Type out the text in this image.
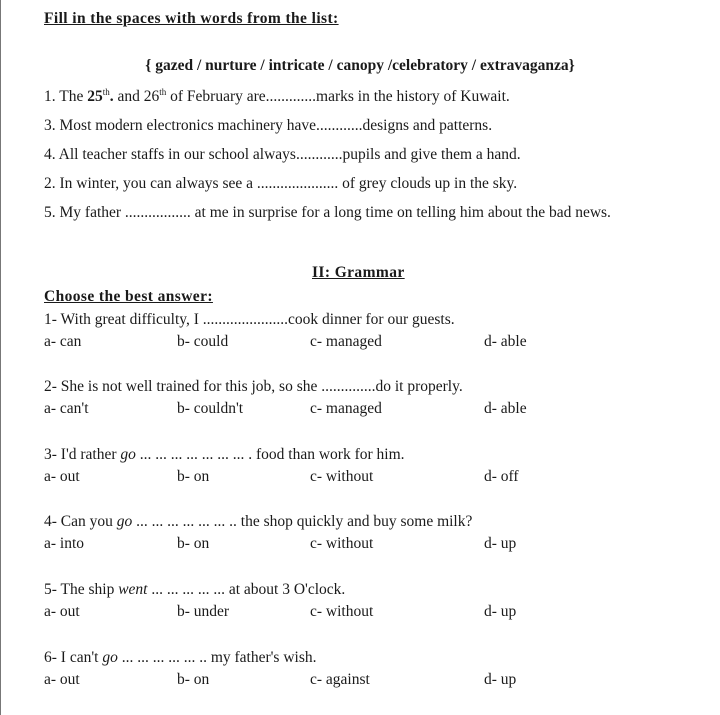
Fill in the spaces with words from the list:
{ gazed / nurture / intricate / canopy /celebratory / extravaganza}
1. The 25th. and 26th of February are.............marks in the history of Kuwait.
3. Most modern electronics machinery have............designs and patterns.
4. All teacher staffs in our school always............pupils and give them a hand.
2. In winter, you can always see a ..................... of grey clouds up in the sky.
5. My father ................. at me in surprise for a long time on telling him about the bad news.
II: Grammar
Choose the best answer:
1- With great difficulty, I ......................cook dinner for our guests.
a- can	b- could	c- managed	d- able
2- She is not well trained for this job, so she ..............do it properly.
a- can't	b- couldn't	c- managed	d- able
3- I'd rather go ... ... ... ... ... ... ... . food than work for him.
a- out	b- on	c- without	d- off
4- Can you go ... ... ... ... ... ... .. the shop quickly and buy some milk?
a- into	b- on	c- without	d- up
5- The ship went ... ... ... ... ... at about 3 O'clock.
a- out	b- under	c- without	d- up
6- I can't go ... ... ... ... ... .. my father's wish.
a- out	b- on	c- against	d- up
